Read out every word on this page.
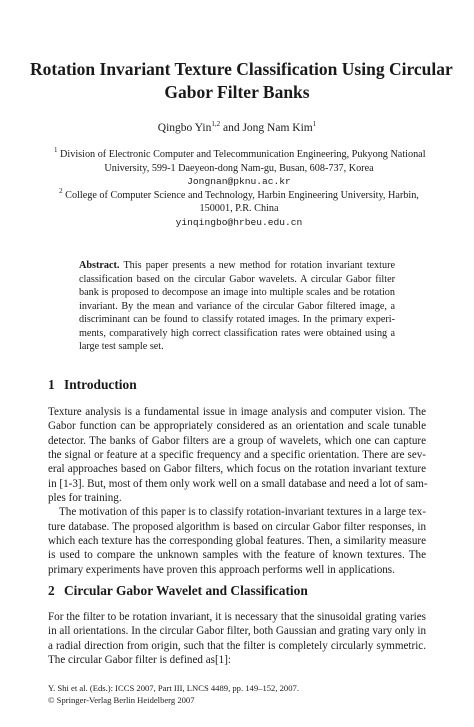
Rotation Invariant Texture Classification Using Circular
Gabor Filter Banks
Qingbo Yin$^{1,2}$ and Jong Nam Kim$^1$
$^1$ Division of Electronic Computer and Telecommunication Engineering, Pukyong National
University, 599-1 Daeyeon-dong Nam-gu, Busan, 608-737, Korea
Jongnan@pknu.ac.kr
$^2$ College of Computer Science and Technology, Harbin Engineering University, Harbin,
150001, P.R. China
yinqingbo@hrbeu.edu.cn
Abstract. This paper presents a new method for rotation invariant texture
classification based on the circular Gabor wavelets. A circular Gabor filter
bank is proposed to decompose an image into multiple scales and be rotation
invariant. By the mean and variance of the circular Gabor filtered image, a
discriminant can be found to classify rotated images. In the primary experi-
ments, comparatively high correct classification rates were obtained using a
large test sample set.
1 Introduction
Texture analysis is a fundamental issue in image analysis and computer vision. The
Gabor function can be appropriately considered as an orientation and scale tunable
detector. The banks of Gabor filters are a group of wavelets, which one can capture
the signal or feature at a specific frequency and a specific orientation. There are sev-
eral approaches based on Gabor filters, which focus on the rotation invariant texture
in [1-3]. But, most of them only work well on a small database and need a lot of sam-
ples for training.
The motivation of this paper is to classify rotation-invariant textures in a large tex-
ture database. The proposed algorithm is based on circular Gabor filter responses, in
which each texture has the corresponding global features. Then, a similarity measure
is used to compare the unknown samples with the feature of known textures. The
primary experiments have proven this approach performs well in applications.
2 Circular Gabor Wavelet and Classification
For the filter to be rotation invariant, it is necessary that the sinusoidal grating varies
in all orientations. In the circular Gabor filter, both Gaussian and grating vary only in
a radial direction from origin, such that the filter is completely circularly symmetric.
The circular Gabor filter is defined as[1]:
Y. Shi et al. (Eds.): ICCS 2007, Part III, LNCS 4489, pp. 149–152, 2007.
© Springer-Verlag Berlin Heidelberg 2007
